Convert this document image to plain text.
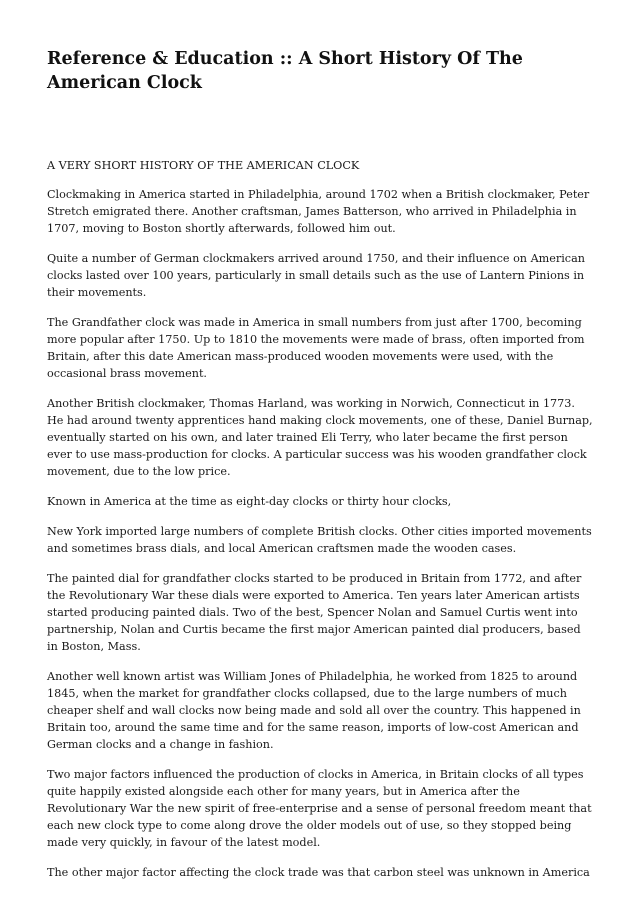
Reference & Education :: A Short History Of The American Clock
A VERY SHORT HISTORY OF THE AMERICAN CLOCK

Clockmaking in America started in Philadelphia, around 1702 when a British clockmaker, Peter Stretch emigrated there. Another craftsman, James Batterson, who arrived in Philadelphia in 1707, moving to Boston shortly afterwards, followed him out.

Quite a number of German clockmakers arrived around 1750, and their influence on American clocks lasted over 100 years, particularly in small details such as the use of Lantern Pinions in their movements.

The Grandfather clock was made in America in small numbers from just after 1700, becoming more popular after 1750. Up to 1810 the movements were made of brass, often imported from Britain, after this date American mass-produced wooden movements were used, with the occasional brass movement.

Another British clockmaker, Thomas Harland, was working in Norwich, Connecticut in 1773. He had around twenty apprentices hand making clock movements, one of these, Daniel Burnap, eventually started on his own, and later trained Eli Terry, who later became the first person ever to use mass-production for clocks. A particular success was his wooden grandfather clock movement, due to the low price.

Known in America at the time as eight-day clocks or thirty hour clocks,

New York imported large numbers of complete British clocks. Other cities imported movements and sometimes brass dials, and local American craftsmen made the wooden cases.

The painted dial for grandfather clocks started to be produced in Britain from 1772, and after the Revolutionary War these dials were exported to America. Ten years later American artists started producing painted dials. Two of the best, Spencer Nolan and Samuel Curtis went into partnership, Nolan and Curtis became the first major American painted dial producers, based in Boston, Mass.

Another well known artist was William Jones of Philadelphia, he worked from 1825 to around 1845, when the market for grandfather clocks collapsed, due to the large numbers of much cheaper shelf and wall clocks now being made and sold all over the country. This happened in Britain too, around the same time and for the same reason, imports of low-cost American and German clocks and a change in fashion.

Two major factors influenced the production of clocks in America, in Britain clocks of all types quite happily existed alongside each other for many years, but in America after the Revolutionary War the new spirit of free-enterprise and a sense of personal freedom meant that each new clock type to come along drove the older models out of use, so they stopped being made very quickly, in favour of the latest model.

The other major factor affecting the clock trade was that carbon steel was unknown in America
